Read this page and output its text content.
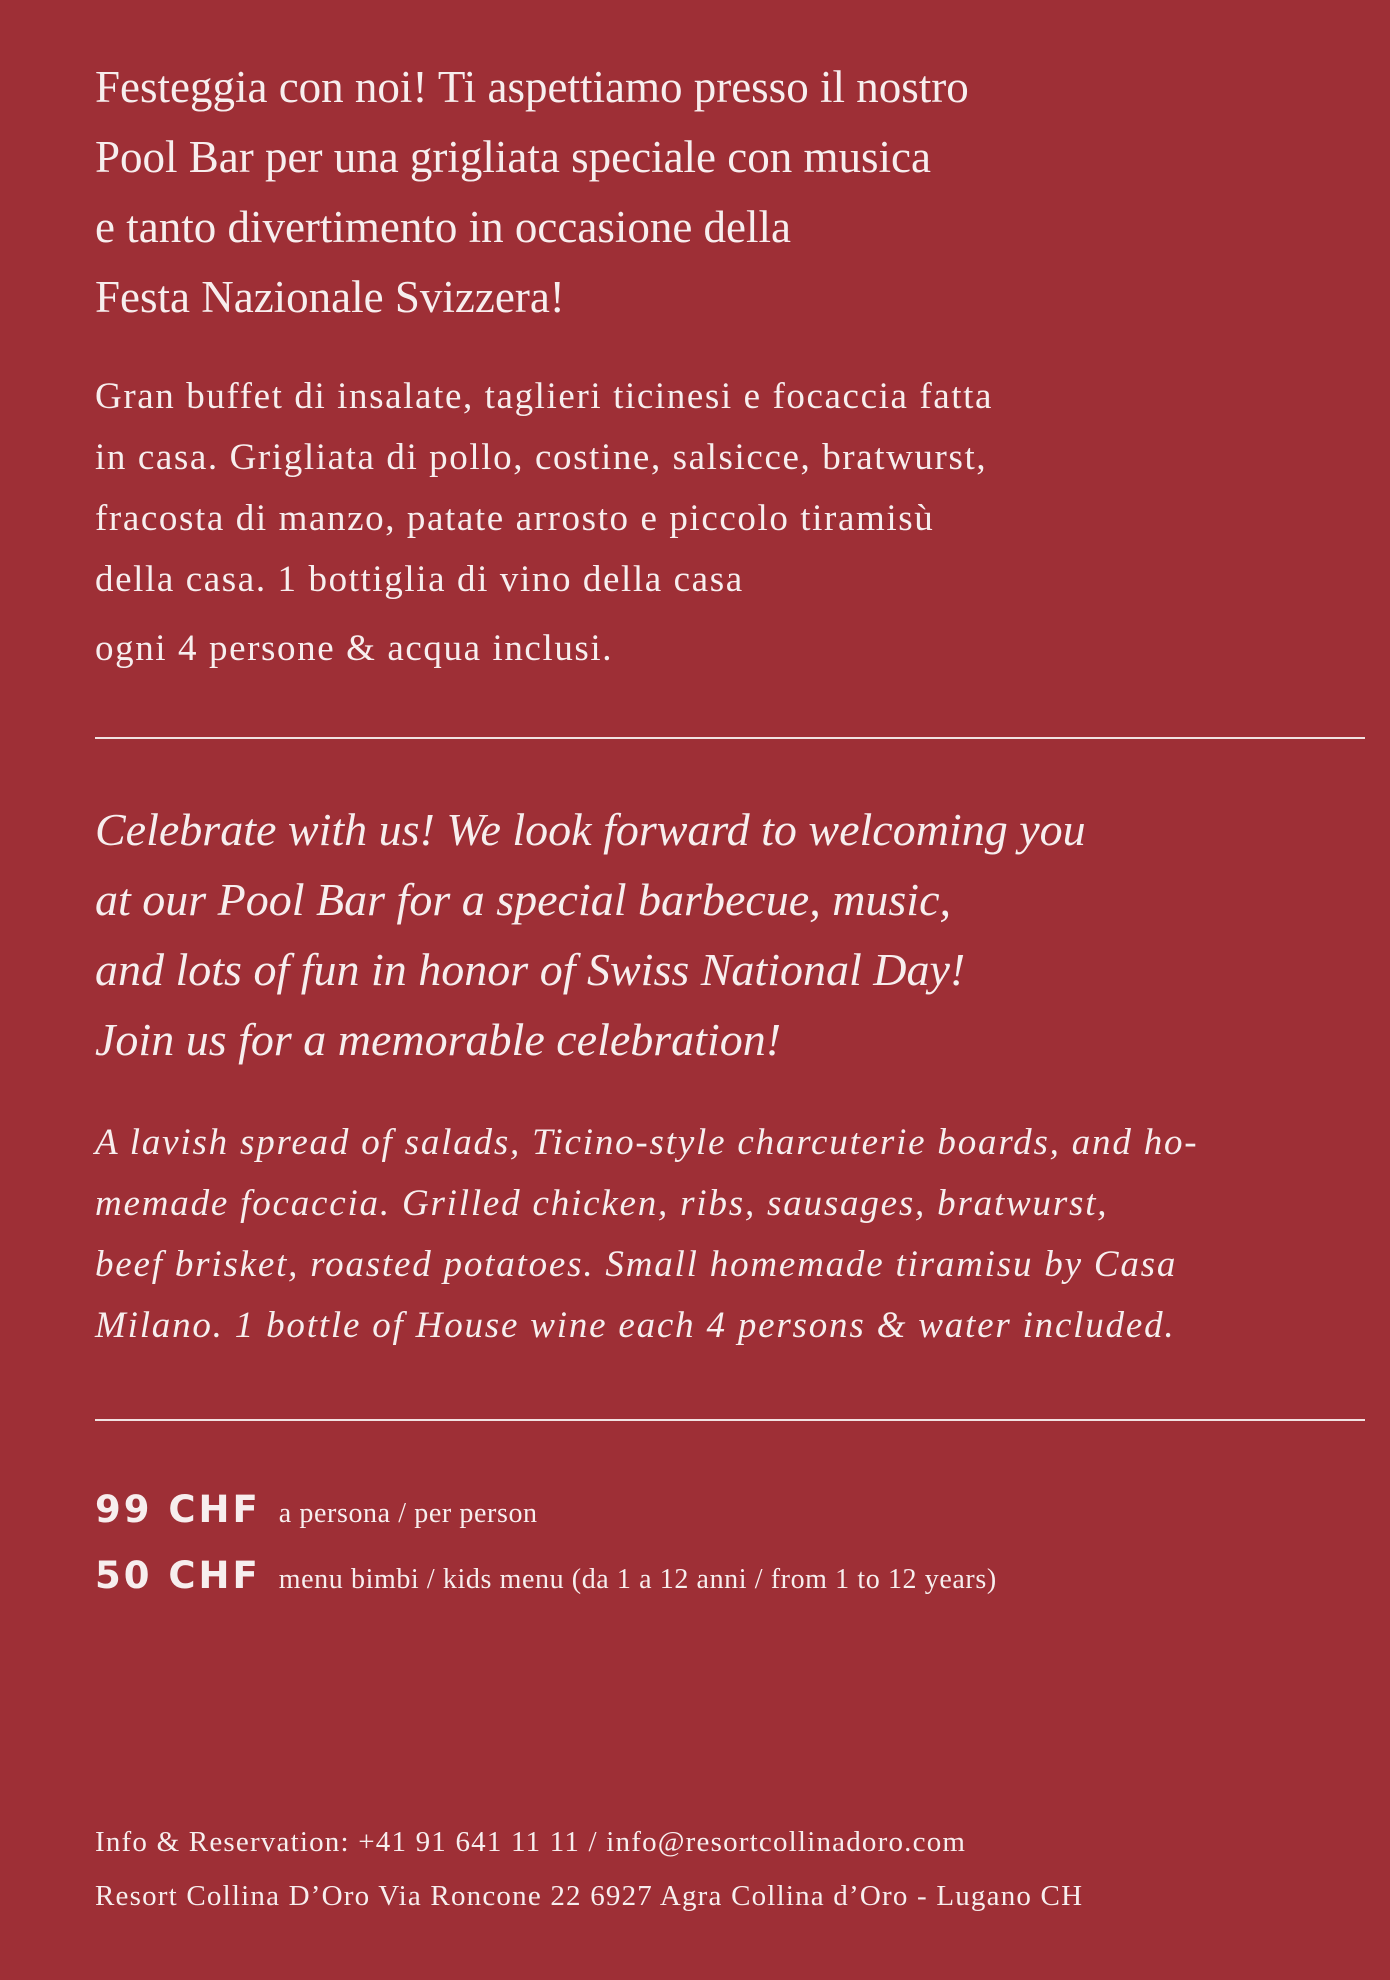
Festeggia con noi! Ti aspettiamo presso il nostro
Pool Bar per una grigliata speciale con musica
e tanto divertimento in occasione della
Festa Nazionale Svizzera!

Gran buffet di insalate, taglieri ticinesi e focaccia fatta
in casa. Grigliata di pollo, costine, salsicce, bratwurst,
fracosta di manzo, patate arrosto e piccolo tiramisù
della casa. 1 bottiglia di vino della casa
ogni 4 persone & acqua inclusi.

Celebrate with us! We look forward to welcoming you
at our Pool Bar for a special barbecue, music,
and lots of fun in honor of Swiss National Day!
Join us for a memorable celebration!

A lavish spread of salads, Ticino-style charcuterie boards, and ho-
memade focaccia. Grilled chicken, ribs, sausages, bratwurst,
beef brisket, roasted potatoes. Small homemade tiramisu by Casa
Milano. 1 bottle of House wine each 4 persons & water included.

99 CHF a persona / per person
50 CHF menu bimbi / kids menu (da 1 a 12 anni / from 1 to 12 years)
Info & Reservation: +41 91 641 11 11 / info@resortcollinadoro.com
Resort Collina D’Oro Via Roncone 22 6927 Agra Collina d’Oro - Lugano CH
